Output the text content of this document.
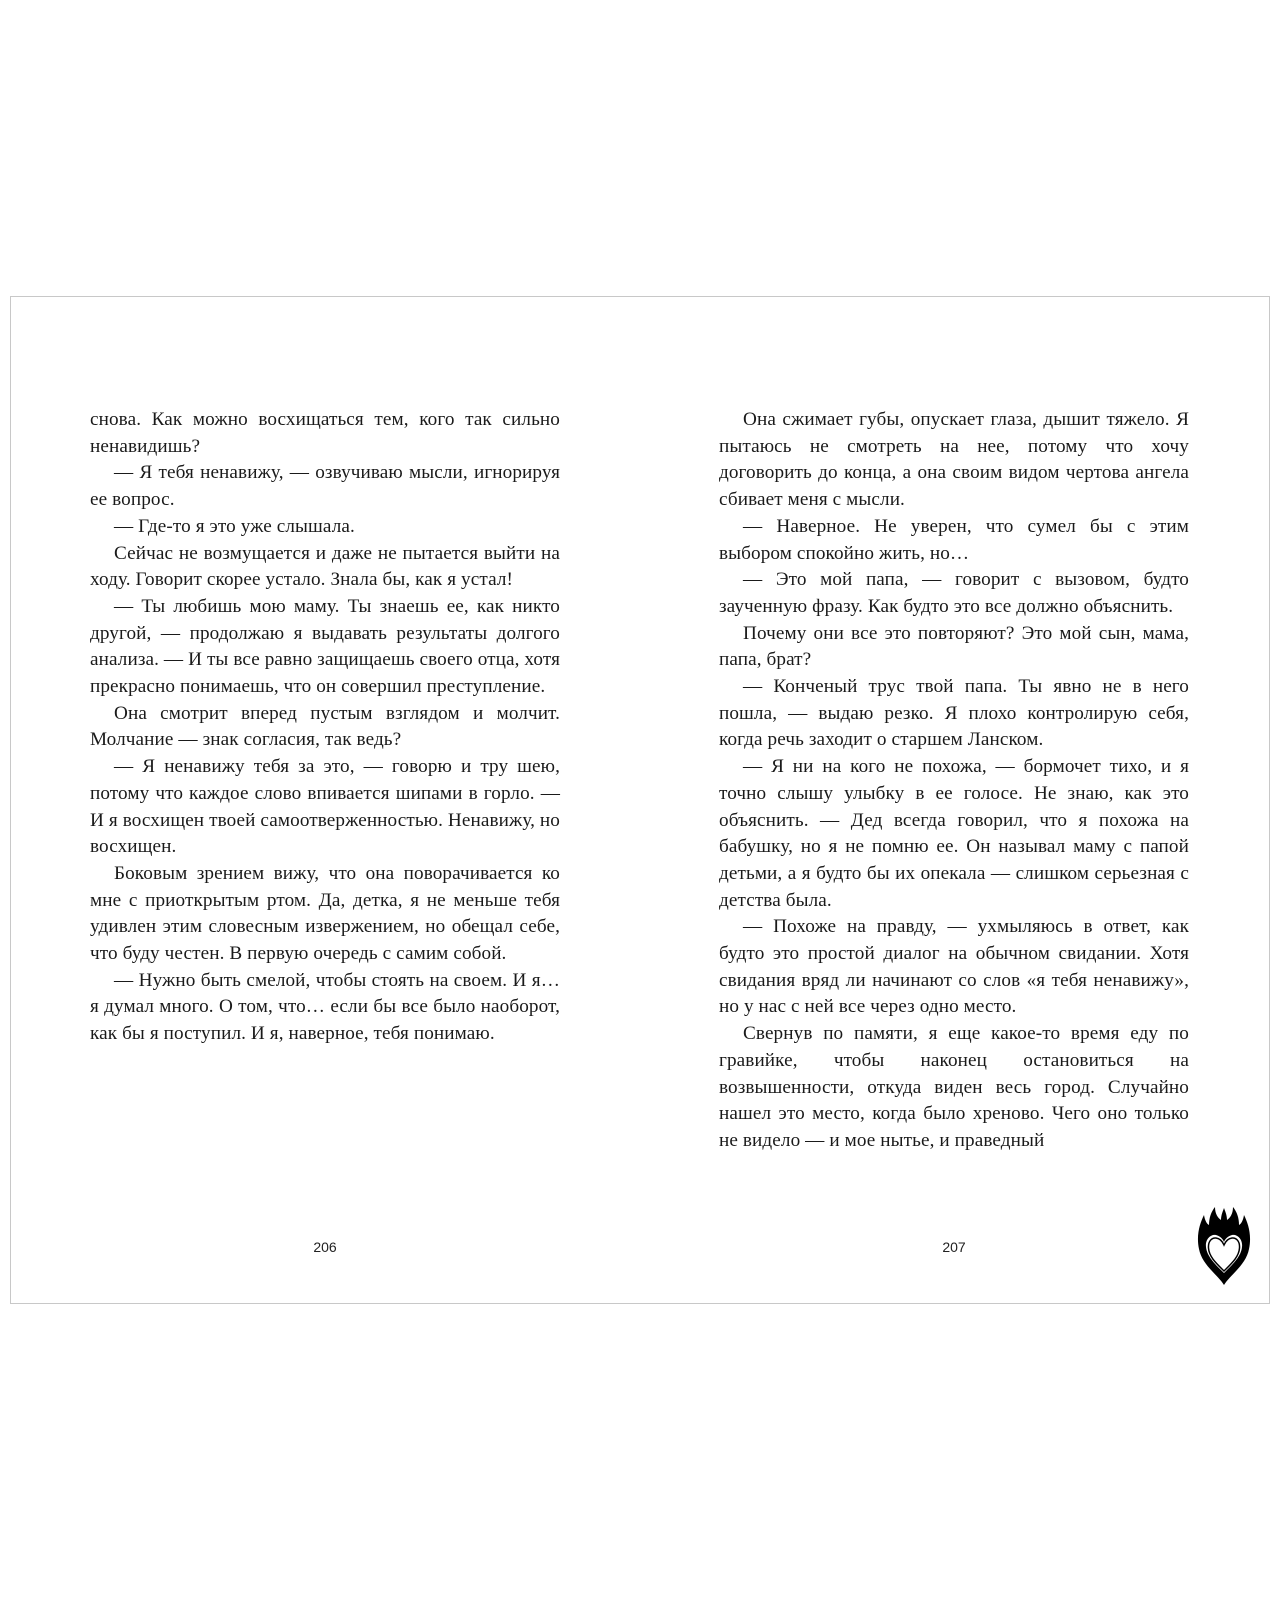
снова. Как можно восхищаться тем, кого так сильно ненавидишь?

— Я тебя ненавижу, — озвучиваю мысли, игнорируя ее вопрос.

— Где-то я это уже слышала.

Сейчас не возмущается и даже не пытается выйти на ходу. Говорит скорее устало. Знала бы, как я устал!

— Ты любишь мою маму. Ты знаешь ее, как никто другой, — продолжаю я выдавать результаты долгого анализа. — И ты все равно защищаешь своего отца, хотя прекрасно понимаешь, что он совершил преступление.

Она смотрит вперед пустым взглядом и молчит. Молчание — знак согласия, так ведь?

— Я ненавижу тебя за это, — говорю и тру шею, потому что каждое слово впивается шипами в горло. — И я восхищен твоей самоотверженностью. Ненавижу, но восхищен.

Боковым зрением вижу, что она поворачивается ко мне с приоткрытым ртом. Да, детка, я не меньше тебя удивлен этим словесным извержением, но обещал себе, что буду честен. В первую очередь с самим собой.

— Нужно быть смелой, чтобы стоять на своем. И я… я думал много. О том, что… если бы все было наоборот, как бы я поступил. И я, наверное, тебя понимаю.

Она сжимает губы, опускает глаза, дышит тяжело. Я пытаюсь не смотреть на нее, потому что хочу договорить до конца, а она своим видом чертова ангела сбивает меня с мысли.

— Наверное. Не уверен, что сумел бы с этим выбором спокойно жить, но…

— Это мой папа, — говорит с вызовом, будто заученную фразу. Как будто это все должно объяснить.

Почему они все это повторяют? Это мой сын, мама, папа, брат?

— Конченый трус твой папа. Ты явно не в него пошла, — выдаю резко. Я плохо контролирую себя, когда речь заходит о старшем Ланском.

— Я ни на кого не похожа, — бормочет тихо, и я точно слышу улыбку в ее голосе. Не знаю, как это объяснить. — Дед всегда говорил, что я похожа на бабушку, но я не помню ее. Он называл маму с папой детьми, а я будто бы их опекала — слишком серьезная с детства была.

— Похоже на правду, — ухмыляюсь в ответ, как будто это простой диалог на обычном свидании. Хотя свидания вряд ли начинают со слов «я тебя ненавижу», но у нас с ней все через одно место.

Свернув по памяти, я еще какое-то время еду по гравийке, чтобы наконец остановиться на возвышенности, откуда виден весь город. Случайно нашел это место, когда было хреново. Чего оно только не видело — и мое нытье, и праведный

206	207
